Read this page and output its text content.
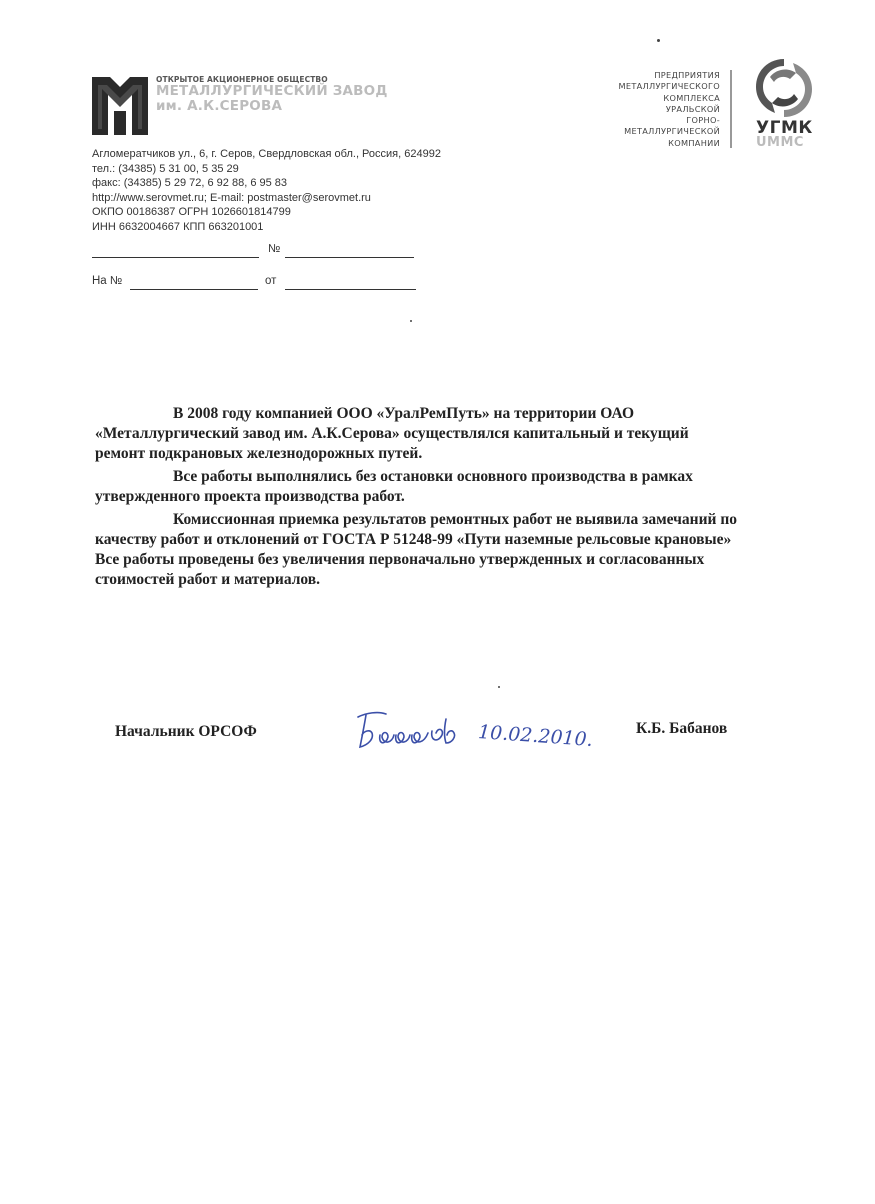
ОТКРЫТОЕ АКЦИОНЕРНОЕ ОБЩЕСТВО
МЕТАЛЛУРГИЧЕСКИЙ ЗАВОД
им. А.К.СЕРОВА
Агломератчиков ул., 6, г. Серов, Свердловская обл., Россия, 624992
тел.: (34385) 5 31 00, 5 35 29
факс: (34385) 5 29 72, 6 92 88, 6 95 83
http://www.serovmet.ru; E-mail: postmaster@serovmet.ru
ОКПО 00186387 ОГРН 1026601814799
ИНН 6632004667 КПП 663201001
№
На №	от
ПРЕДПРИЯТИЯ
МЕТАЛЛУРГИЧЕСКОГО
КОМПЛЕКСА
УРАЛЬСКОЙ
ГОРНО-
МЕТАЛЛУРГИЧЕСКОЙ
КОМПАНИИ
УГМК
UMMC

В 2008 году компанией ООО «УралРемПуть» на территории ОАО

«Металлургический завод им. А.К.Серова» осуществлялся капитальный и текущий

ремонт подкрановых железнодорожных путей.

Все работы выполнялись без остановки основного производства в рамках

утвержденного проекта производства работ.

Комиссионная приемка результатов ремонтных работ не выявила замечаний по

качеству работ и отклонений от ГОСТА Р 51248-99 «Пути наземные рельсовые крановые»

Все работы проведены без увеличения первоначально утвержденных и согласованных

стоимостей работ и материалов.

Начальник ОРСОФ	10.02.2010.	К.Б. Бабанов
